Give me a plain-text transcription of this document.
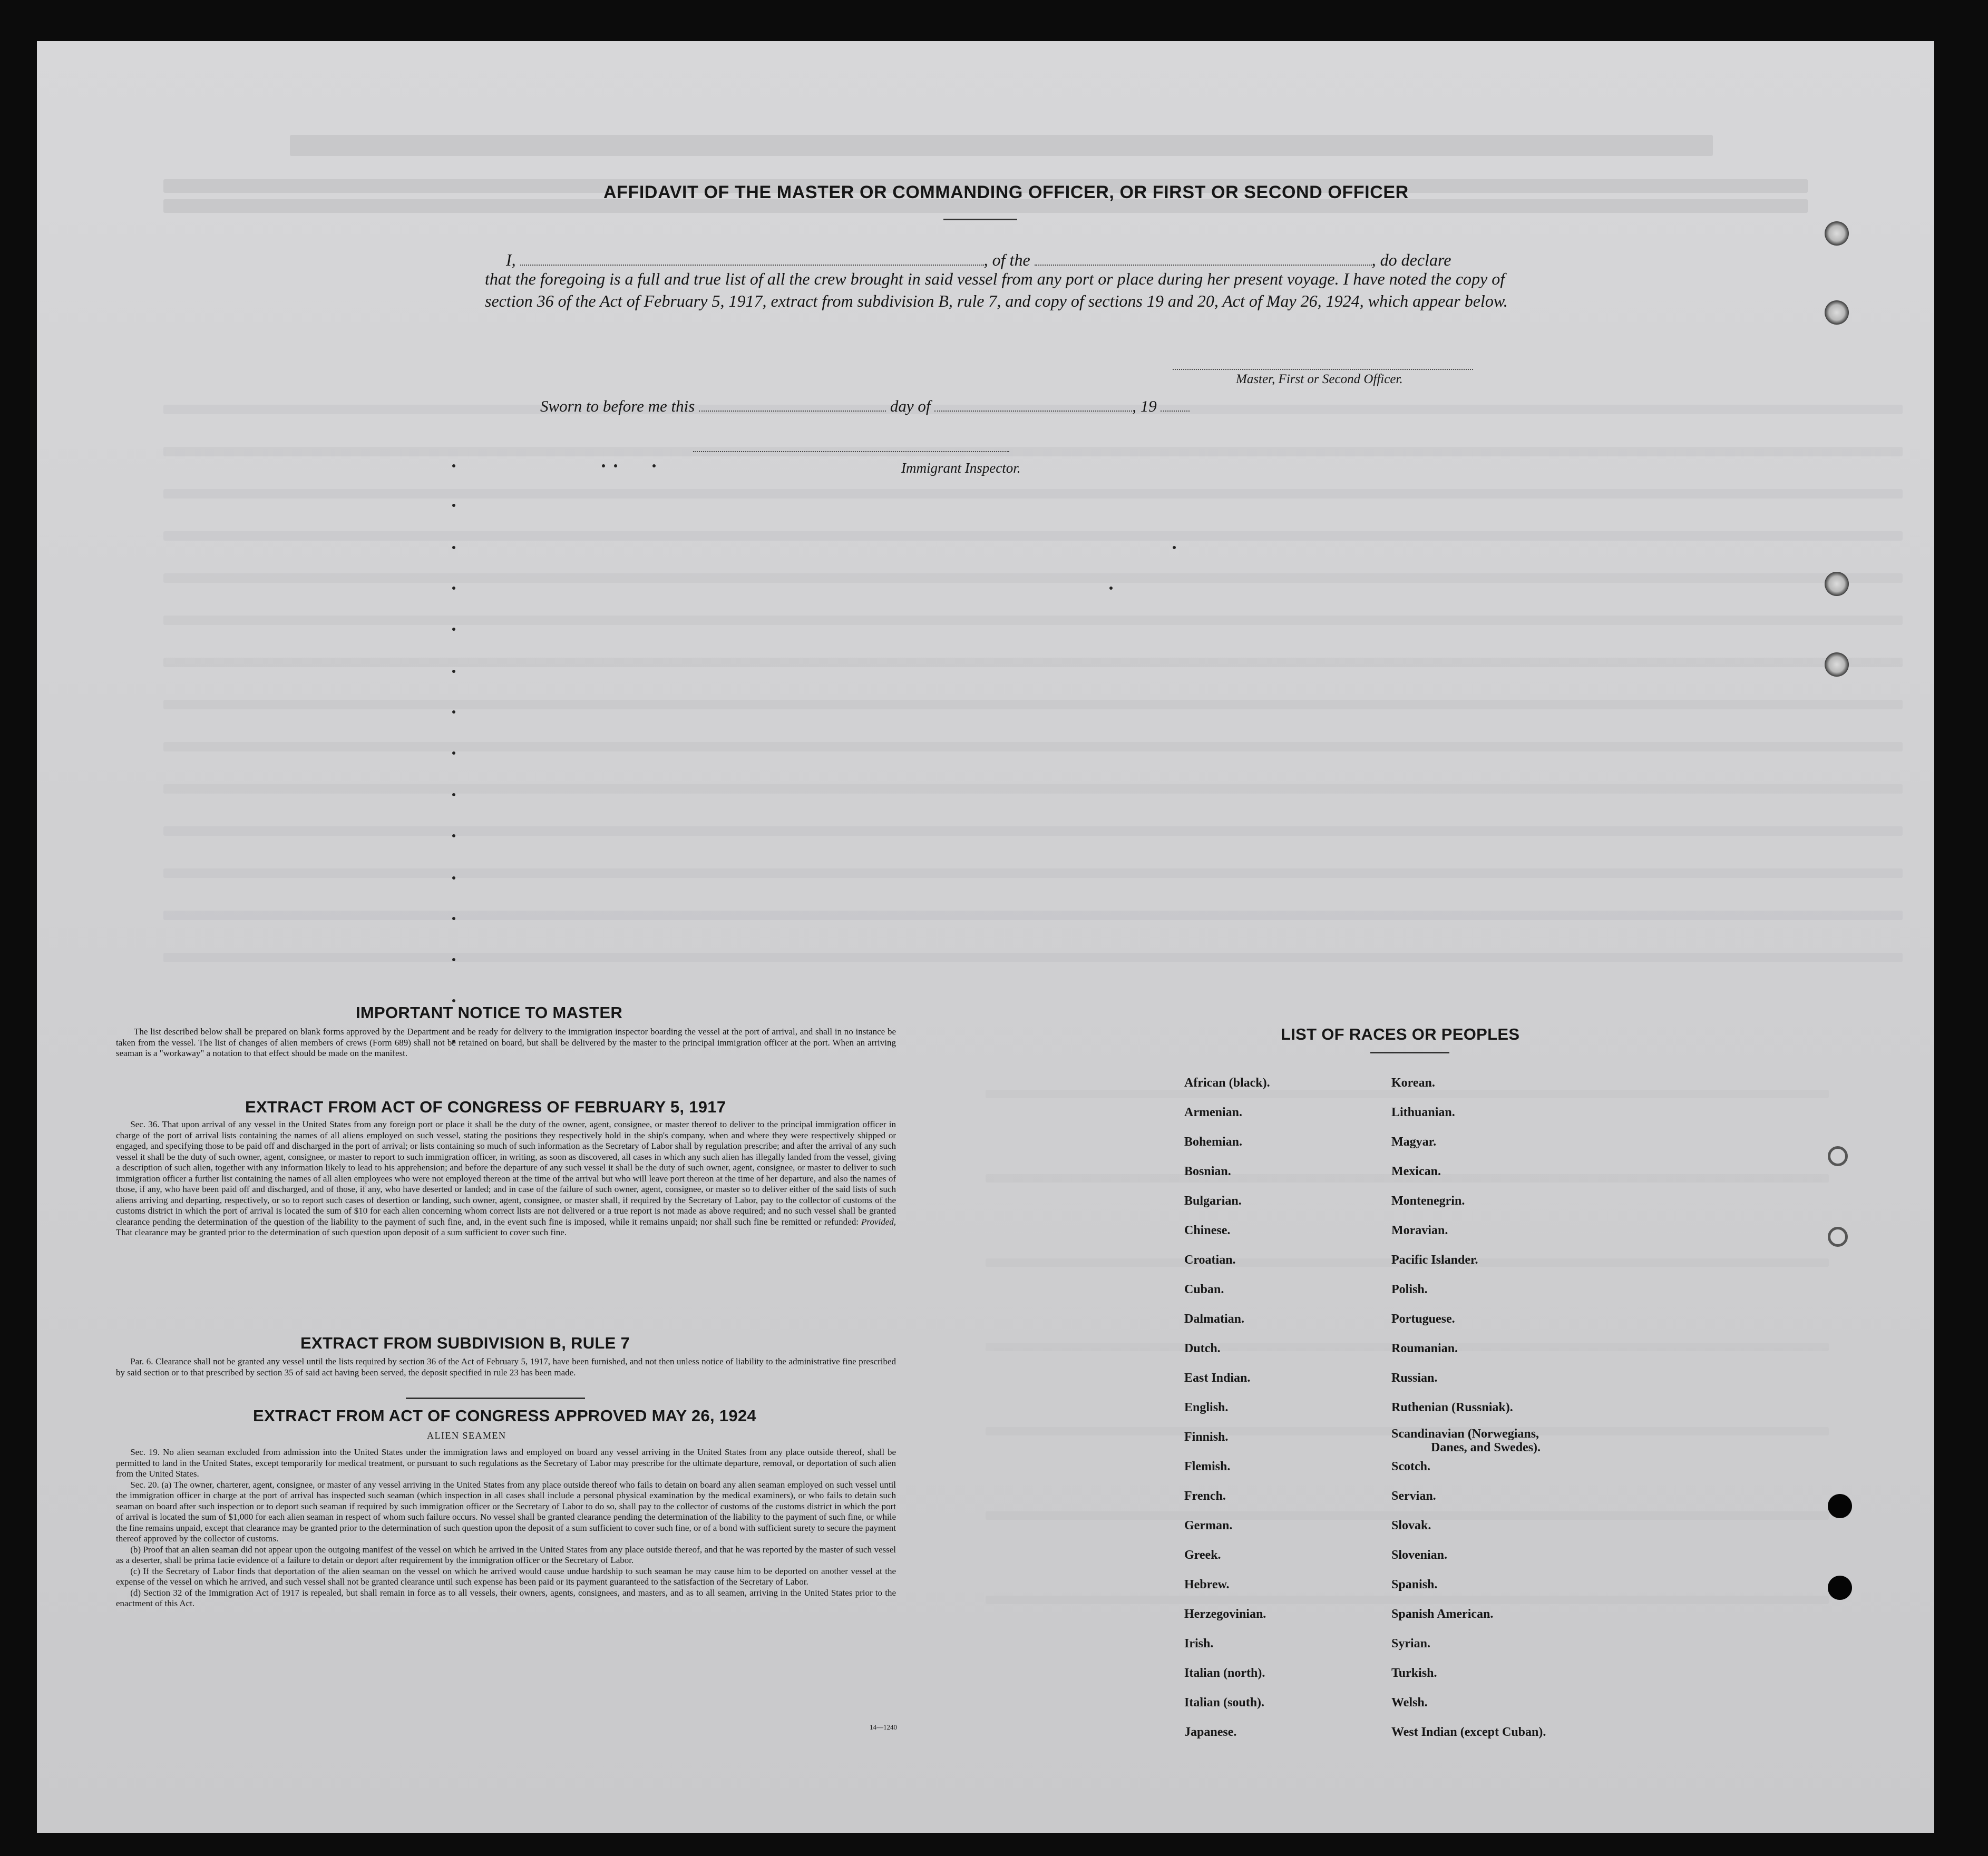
AFFIDAVIT OF THE MASTER OR COMMANDING OFFICER, OR FIRST OR SECOND OFFICER
I,	, of the	, do declare
that the foregoing is a full and true list of all the crew brought in said vessel from any port or place during her present voyage. I have noted the copy of section 36 of the Act of February 5, 1917, extract from subdivision B, rule 7, and copy of sections 19 and 20, Act of May 26, 1924, which appear below.
Master, First or Second Officer.
Sworn to before me this	day of	, 19
Immigrant Inspector.
IMPORTANT NOTICE TO MASTER

The list described below shall be prepared on blank forms approved by the Department and be ready for delivery to the immigration inspector boarding the vessel at the port of arrival, and shall in no instance be taken from the vessel. The list of changes of alien members of crews (Form 689) shall not be retained on board, but shall be delivered by the master to the principal immigration officer at the port. When an arriving seaman is a "workaway" a notation to that effect should be made on the manifest.

EXTRACT FROM ACT OF CONGRESS OF FEBRUARY 5, 1917

Sec. 36. That upon arrival of any vessel in the United States from any foreign port or place it shall be the duty of the owner, agent, consignee, or master thereof to deliver to the principal immigration officer in charge of the port of arrival lists containing the names of all aliens employed on such vessel, stating the positions they respectively hold in the ship's company, when and where they were respectively shipped or engaged, and specifying those to be paid off and discharged in the port of arrival; or lists containing so much of such information as the Secretary of Labor shall by regulation prescribe; and after the arrival of any such vessel it shall be the duty of such owner, agent, consignee, or master to report to such immigration officer, in writing, as soon as discovered, all cases in which any such alien has illegally landed from the vessel, giving a description of such alien, together with any information likely to lead to his apprehension; and before the departure of any such vessel it shall be the duty of such owner, agent, consignee, or master to deliver to such immigration officer a further list containing the names of all alien employees who were not employed thereon at the time of the arrival but who will leave port thereon at the time of her departure, and also the names of those, if any, who have been paid off and discharged, and of those, if any, who have deserted or landed; and in case of the failure of such owner, agent, consignee, or master so to deliver either of the said lists of such aliens arriving and departing, respectively, or so to report such cases of desertion or landing, such owner, agent, consignee, or master shall, if required by the Secretary of Labor, pay to the collector of customs of the customs district in which the port of arrival is located the sum of $10 for each alien concerning whom correct lists are not delivered or a true report is not made as above required; and no such vessel shall be granted clearance pending the determination of the question of the liability to the payment of such fine, and, in the event such fine is imposed, while it remains unpaid; nor shall such fine be remitted or refunded: Provided, That clearance may be granted prior to the determination of such question upon deposit of a sum sufficient to cover such fine.

EXTRACT FROM SUBDIVISION B, RULE 7

Par. 6. Clearance shall not be granted any vessel until the lists required by section 36 of the Act of February 5, 1917, have been furnished, and not then unless notice of liability to the administrative fine prescribed by said section or to that prescribed by section 35 of said act having been served, the deposit specified in rule 23 has been made.

EXTRACT FROM ACT OF CONGRESS APPROVED MAY 26, 1924
ALIEN SEAMEN

Sec. 19. No alien seaman excluded from admission into the United States under the immigration laws and employed on board any vessel arriving in the United States from any place outside thereof, shall be permitted to land in the United States, except temporarily for medical treatment, or pursuant to such regulations as the Secretary of Labor may prescribe for the ultimate departure, removal, or deportation of such alien from the United States.

Sec. 20. (a) The owner, charterer, agent, consignee, or master of any vessel arriving in the United States from any place outside thereof who fails to detain on board any alien seaman employed on such vessel until the immigration officer in charge at the port of arrival has inspected such seaman (which inspection in all cases shall include a personal physical examination by the medical examiners), or who fails to detain such seaman on board after such inspection or to deport such seaman if required by such immigration officer or the Secretary of Labor to do so, shall pay to the collector of customs of the customs district in which the port of arrival is located the sum of $1,000 for each alien seaman in respect of whom such failure occurs. No vessel shall be granted clearance pending the determination of the liability to the payment of such fine, or while the fine remains unpaid, except that clearance may be granted prior to the determination of such question upon the deposit of a sum sufficient to cover such fine, or of a bond with sufficient surety to secure the payment thereof approved by the collector of customs.

(b) Proof that an alien seaman did not appear upon the outgoing manifest of the vessel on which he arrived in the United States from any place outside thereof, and that he was reported by the master of such vessel as a deserter, shall be prima facie evidence of a failure to detain or deport after requirement by the immigration officer or the Secretary of Labor.

(c) If the Secretary of Labor finds that deportation of the alien seaman on the vessel on which he arrived would cause undue hardship to such seaman he may cause him to be deported on another vessel at the expense of the vessel on which he arrived, and such vessel shall not be granted clearance until such expense has been paid or its payment guaranteed to the satisfaction of the Secretary of Labor.

(d) Section 32 of the Immigration Act of 1917 is repealed, but shall remain in force as to all vessels, their owners, agents, consignees, and masters, and as to all seamen, arriving in the United States prior to the enactment of this Act.

14—1240
LIST OF RACES OR PEOPLES
African (black).
Armenian.
Bohemian.
Bosnian.
Bulgarian.
Chinese.
Croatian.
Cuban.
Dalmatian.
Dutch.
East Indian.
English.
Finnish.
Flemish.
French.
German.
Greek.
Hebrew.
Herzegovinian.
Irish.
Italian (north).
Italian (south).
Japanese.
Korean.
Lithuanian.
Magyar.
Mexican.
Montenegrin.
Moravian.
Pacific Islander.
Polish.
Portuguese.
Roumanian.
Russian.
Ruthenian (Russniak).
Scandinavian (Norwegians,
Danes, and Swedes).
Scotch.
Servian.
Slovak.
Slovenian.
Spanish.
Spanish American.
Syrian.
Turkish.
Welsh.
West Indian (except Cuban).
